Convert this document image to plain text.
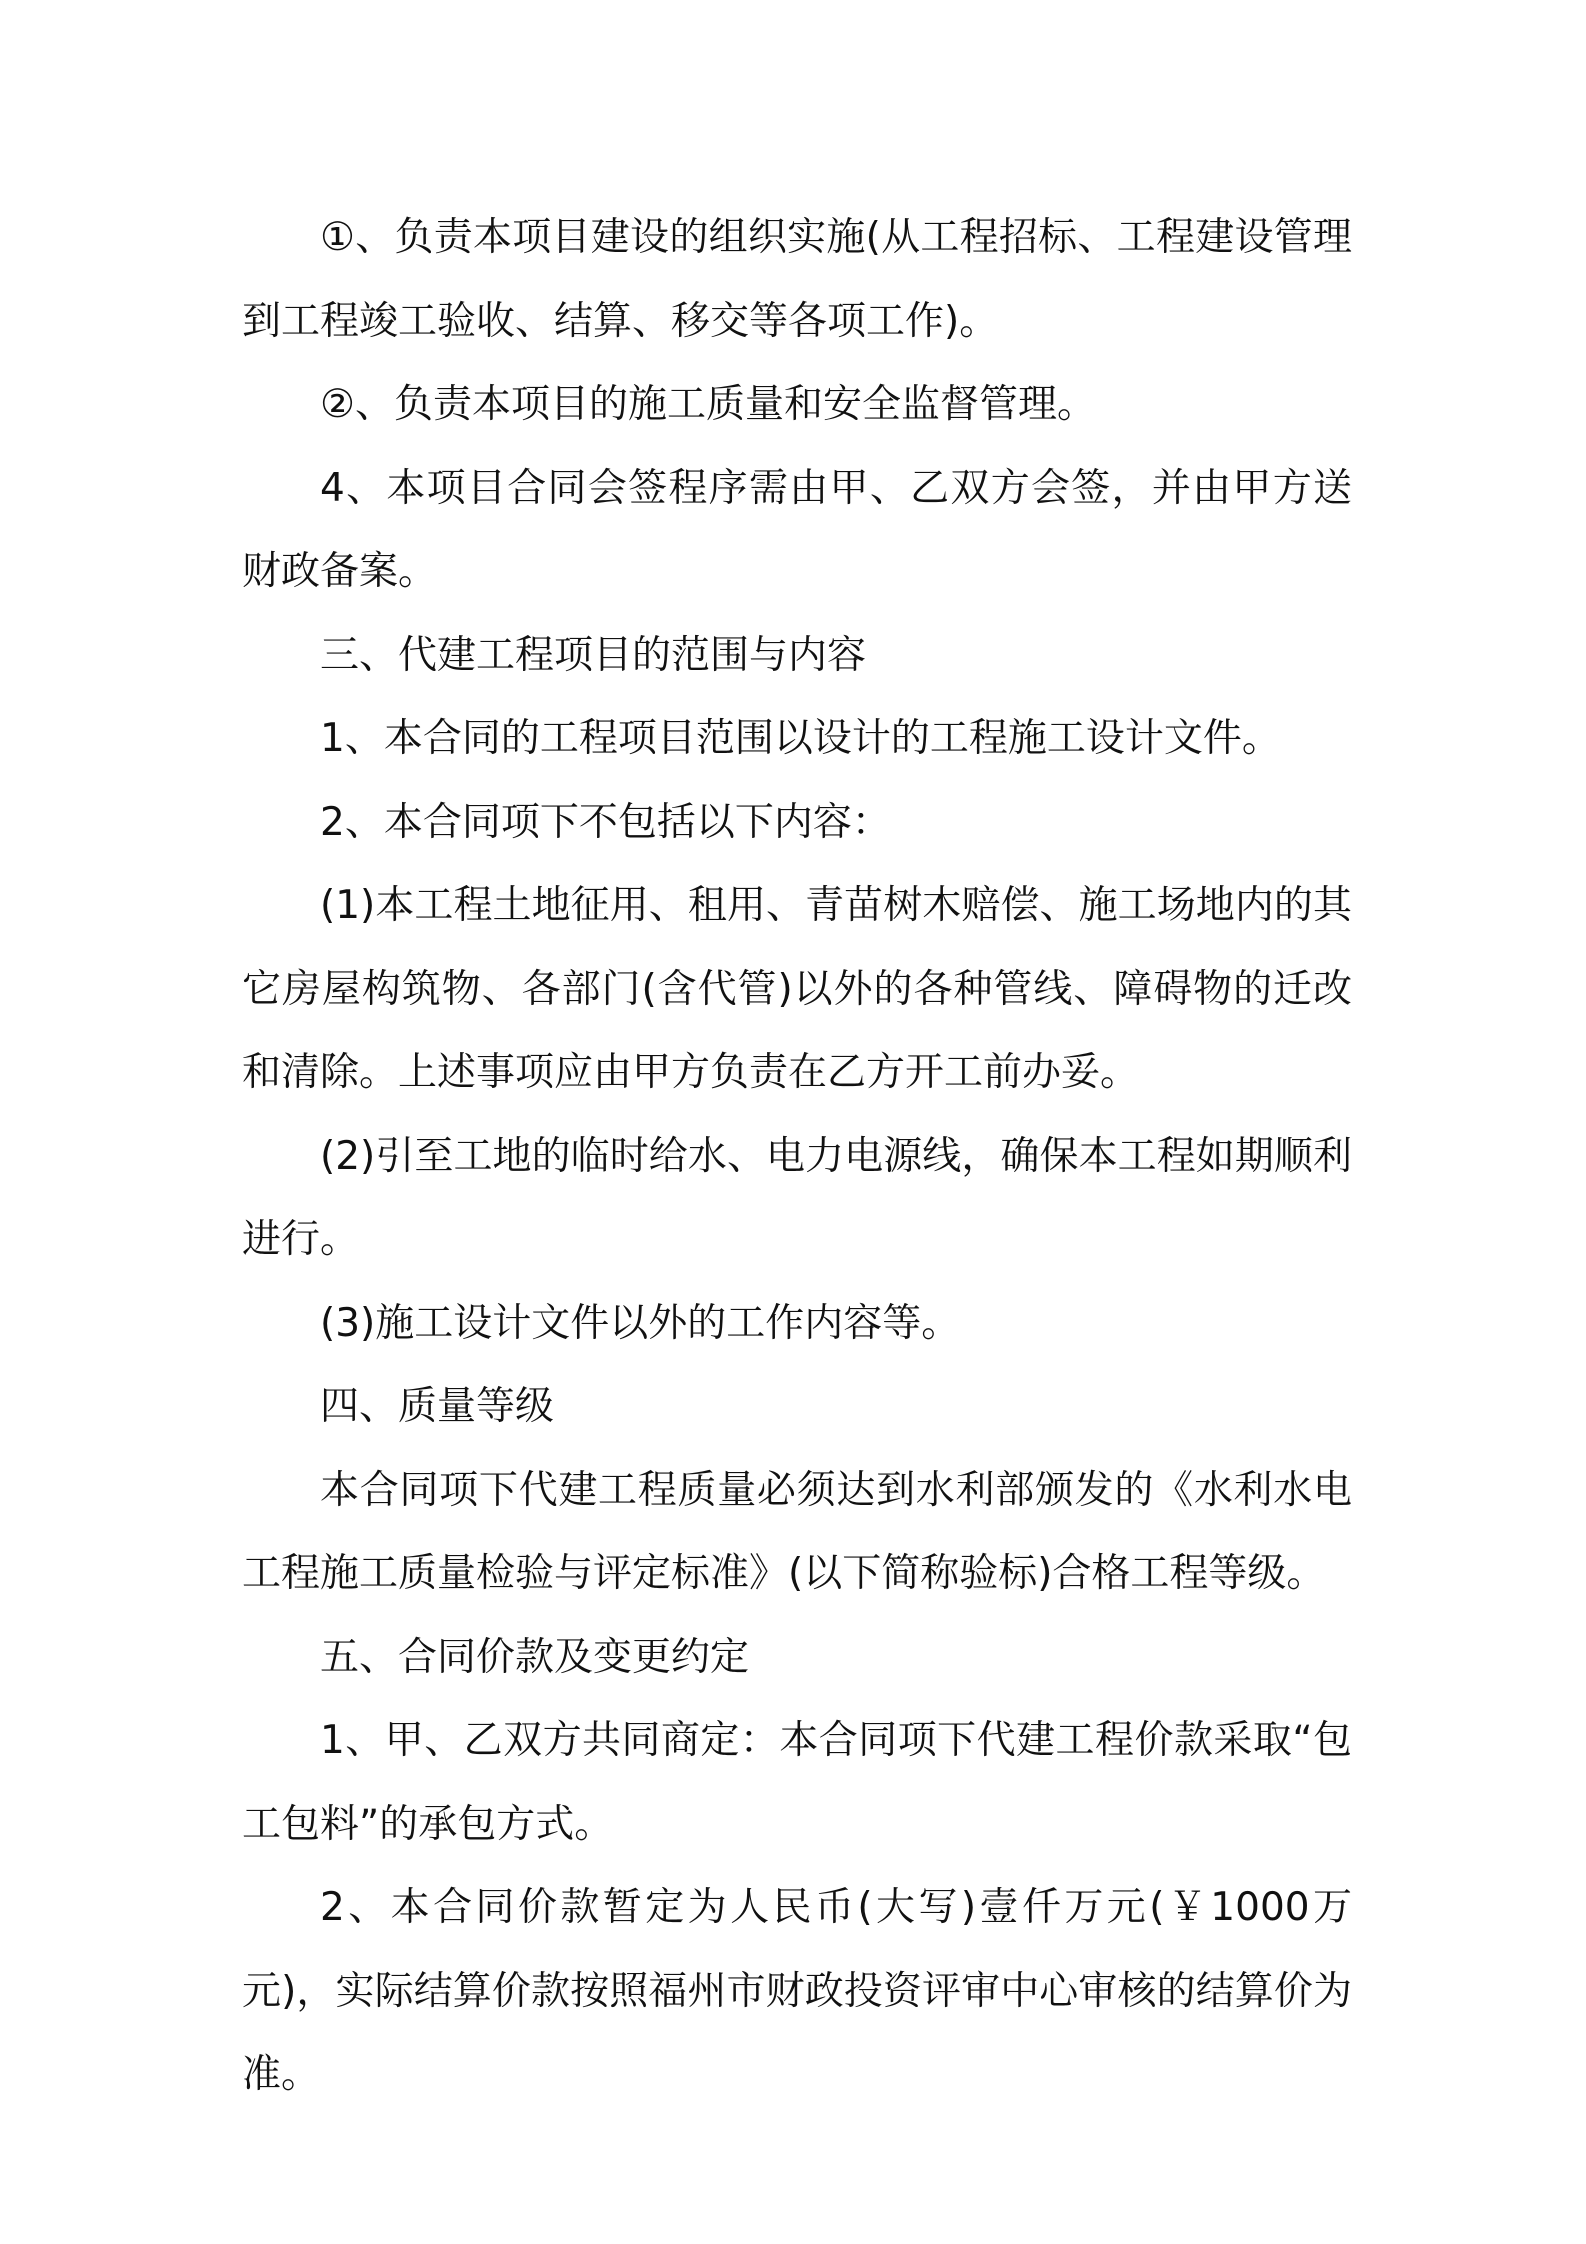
①、负责本项目建设的组织实施(从工程招标、工程建设管理到工程竣工验收、结算、移交等各项工作)。

②、负责本项目的施工质量和安全监督管理。

4、本项目合同会签程序需由甲、乙双方会签，并由甲方送财政备案。

三、代建工程项目的范围与内容

1、本合同的工程项目范围以设计的工程施工设计文件。

2、本合同项下不包括以下内容：

(1)本工程土地征用、租用、青苗树木赔偿、施工场地内的其它房屋构筑物、各部门(含代管)以外的各种管线、障碍物的迁改和清除。上述事项应由甲方负责在乙方开工前办妥。

(2)引至工地的临时给水、电力电源线，确保本工程如期顺利进行。

(3)施工设计文件以外的工作内容等。

四、质量等级

本合同项下代建工程质量必须达到水利部颁发的《水利水电工程施工质量检验与评定标准》(以下简称验标)合格工程等级。

五、合同价款及变更约定

1、甲、乙双方共同商定：本合同项下代建工程价款采取“包工包料”的承包方式。

2、本合同价款暂定为人民币(大写)壹仟万元(￥1000万元)，实际结算价款按照福州市财政投资评审中心审核的结算价为准。
